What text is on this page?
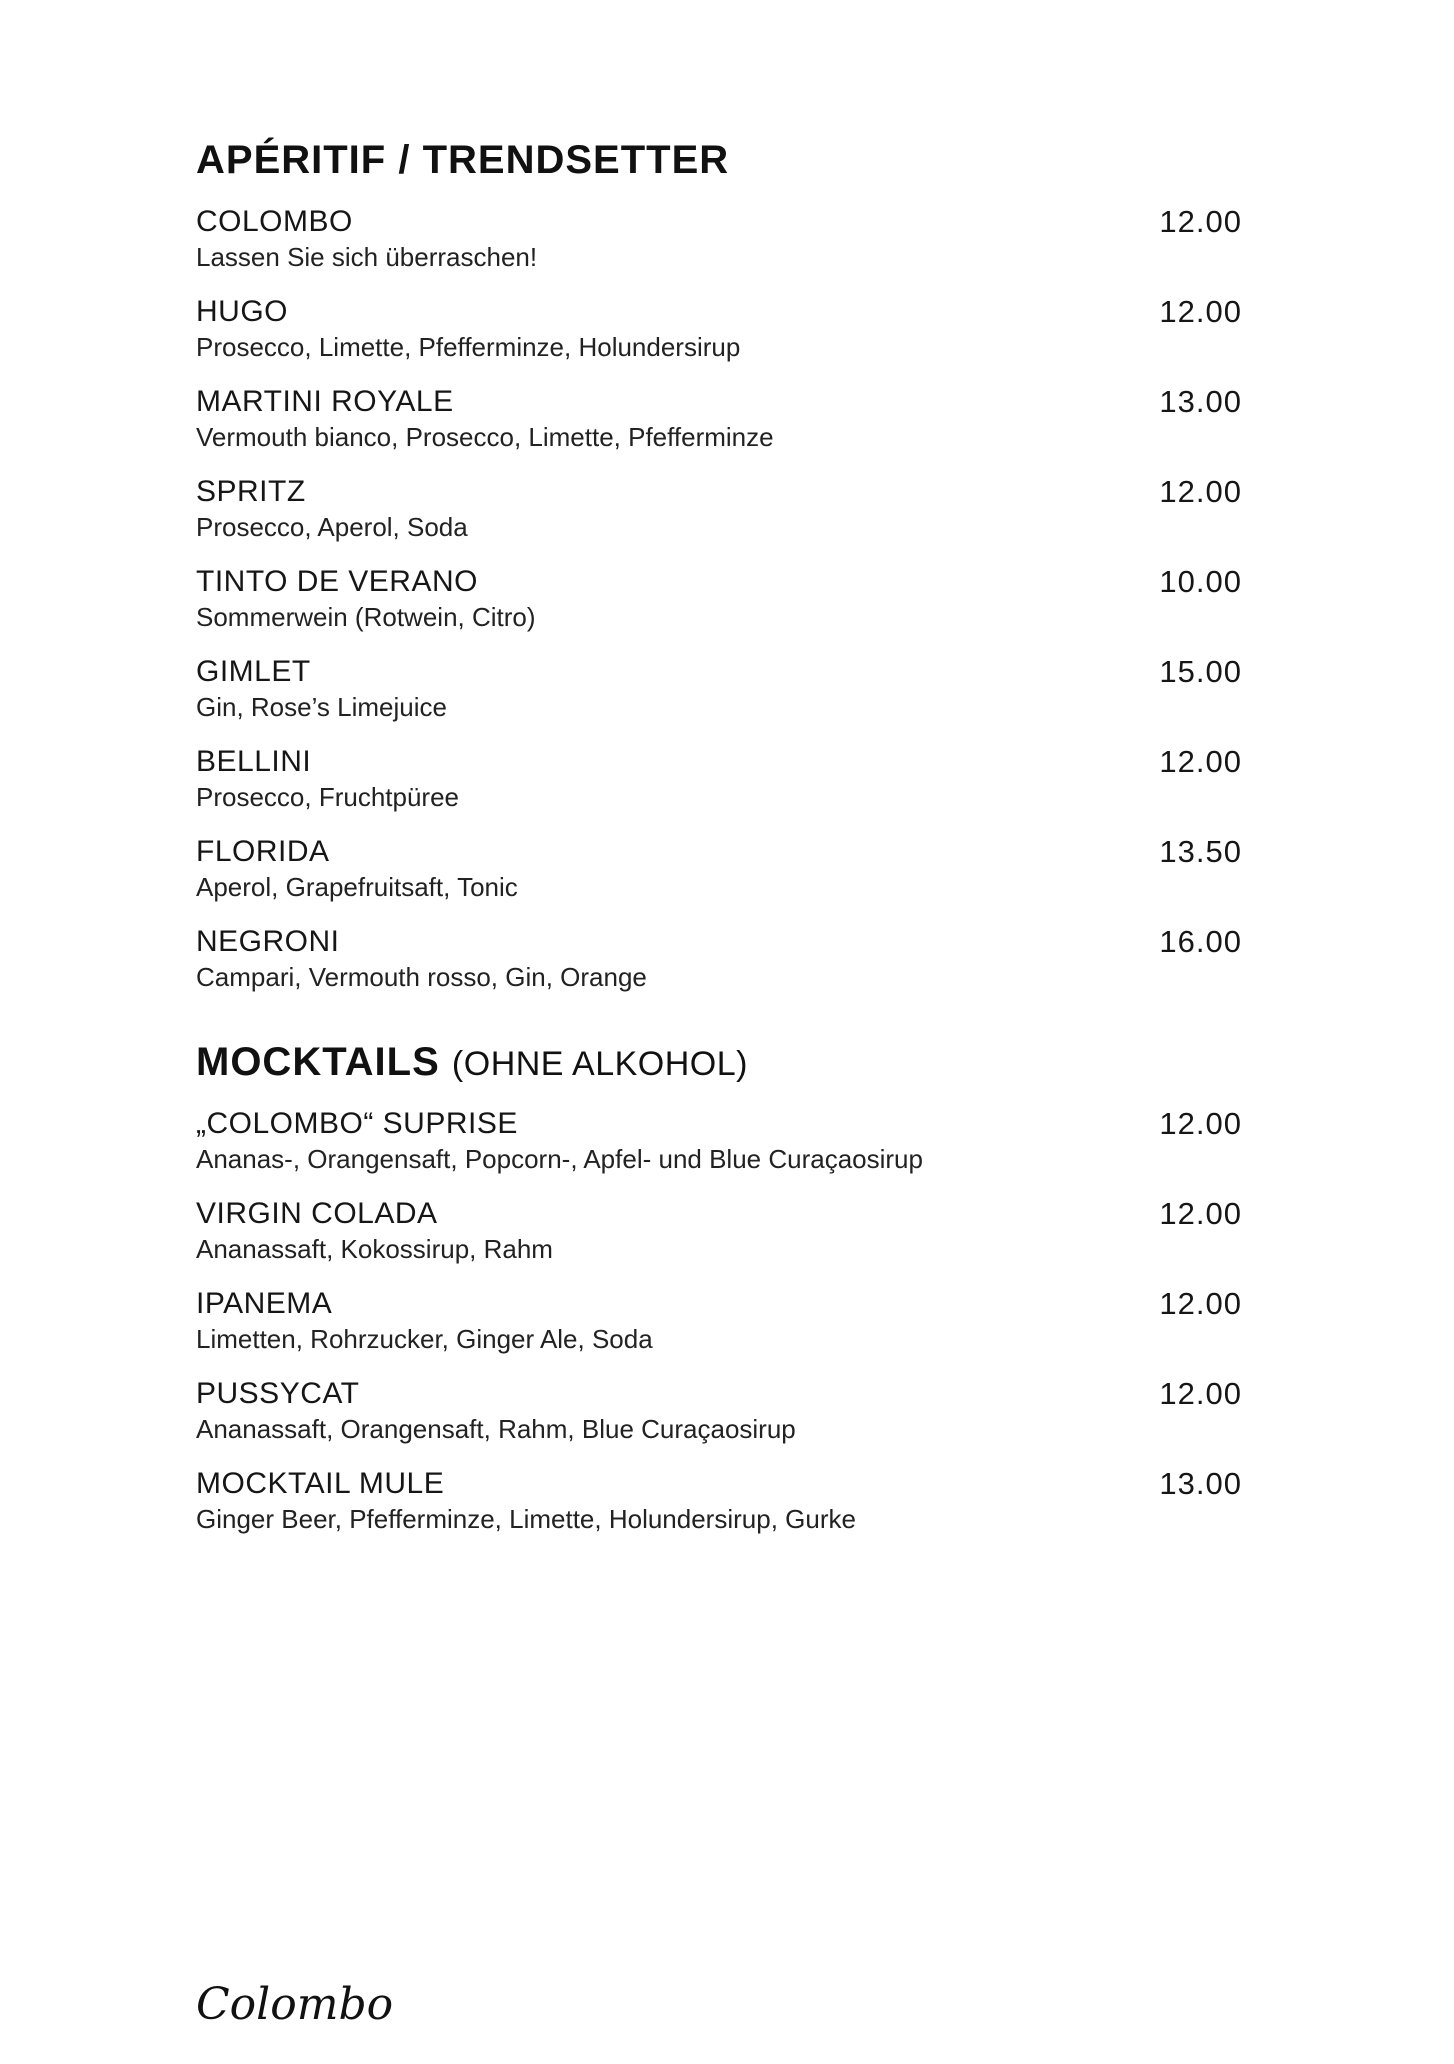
APÉRITIF / TRENDSETTER
COLOMBO
Lassen Sie sich überraschen!
12.00
HUGO
Prosecco, Limette, Pfefferminze, Holundersirup
12.00
MARTINI ROYALE
Vermouth bianco, Prosecco, Limette, Pfefferminze
13.00
SPRITZ
Prosecco, Aperol, Soda
12.00
TINTO DE VERANO
Sommerwein (Rotwein, Citro)
10.00
GIMLET
Gin, Rose’s Limejuice
15.00
BELLINI
Prosecco, Fruchtpüree
12.00
FLORIDA
Aperol, Grapefruitsaft, Tonic
13.50
NEGRONI
Campari, Vermouth rosso, Gin, Orange
16.00
MOCKTAILS (OHNE ALKOHOL)
„COLOMBO“ SUPRISE
Ananas-, Orangensaft, Popcorn-, Apfel- und Blue Curaçaosirup
12.00
VIRGIN COLADA
Ananassaft, Kokossirup, Rahm
12.00
IPANEMA
Limetten, Rohrzucker, Ginger Ale, Soda
12.00
PUSSYCAT
Ananassaft, Orangensaft, Rahm, Blue Curaçaosirup
12.00
MOCKTAIL MULE
Ginger Beer, Pfefferminze, Limette, Holundersirup, Gurke
13.00
Colombo
